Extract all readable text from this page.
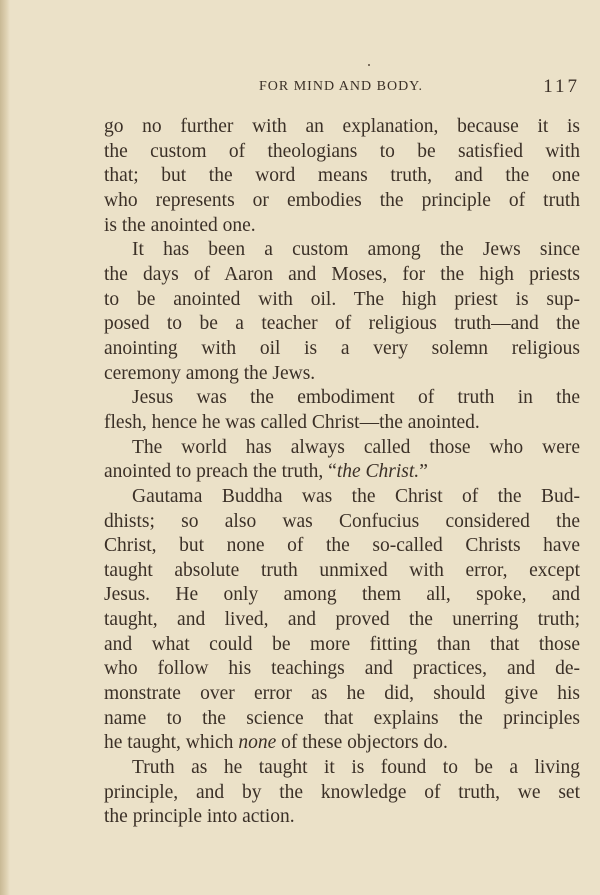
FOR MIND AND BODY.	117
go no further with an explanation, because it is
the custom of theologians to be satisfied with
that; but the word means truth, and the one
who represents or embodies the principle of truth
is the anointed one.
It has been a custom among the Jews since
the days of Aaron and Moses, for the high priests
to be anointed with oil. The high priest is sup-
posed to be a teacher of religious truth—and the
anointing with oil is a very solemn religious
ceremony among the Jews.
Jesus was the embodiment of truth in the
flesh, hence he was called Christ—the anointed.
The world has always called those who were
anointed to preach the truth, “the Christ.”
Gautama Buddha was the Christ of the Bud-
dhists; so also was Confucius considered the
Christ, but none of the so-called Christs have
taught absolute truth unmixed with error, except
Jesus. He only among them all, spoke, and
taught, and lived, and proved the unerring truth;
and what could be more fitting than that those
who follow his teachings and practices, and de-
monstrate over error as he did, should give his
name to the science that explains the principles
he taught, which none of these objectors do.
Truth as he taught it is found to be a living
principle, and by the knowledge of truth, we set
the principle into action.
